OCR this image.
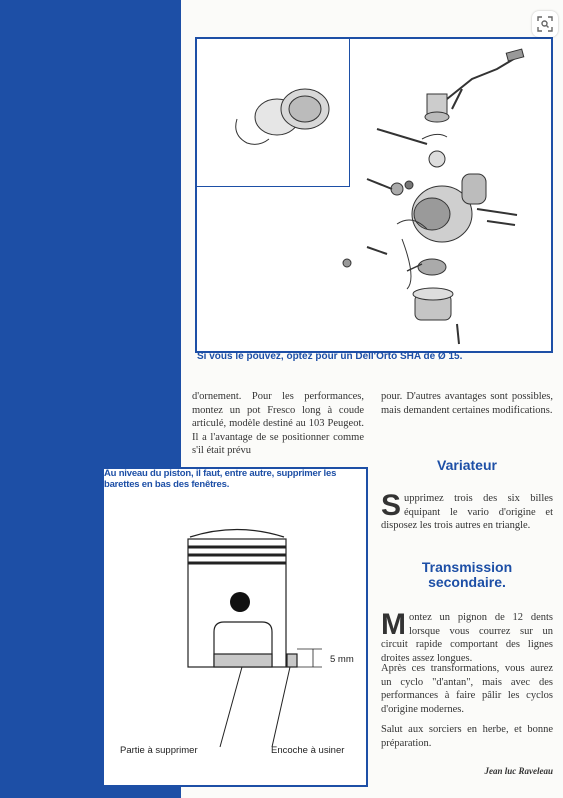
Si vous le pouvez, optez pour un Dell'Orto SHA de Ø 15.
d'ornement. Pour les performances, montez un pot Fresco long à coude articulé, modèle destiné au 103 Peugeot. Il a l'avantage de se positionner comme s'il était prévu
pour. D'autres avantages sont possibles, mais demandent certaines modifications.
Variateur
S upprimez trois des six billes équipant le vario d'origine et disposez les trois autres en triangle.
Transmission
secondaire.
M ontez un pignon de 12 dents lorsque vous courrez sur un circuit rapide comportant des lignes droites assez longues.
Après ces transformations, vous aurez un cyclo "d'antan", mais avec des performances à faire pâlir les cyclos d'origine modernes.
Salut aux sorciers en herbe, et bonne préparation.
Jean luc Raveleau
Au niveau du piston, il faut, entre autre, supprimer les barettes en bas des fenêtres.
5 mm
Partie à supprimer	Encoche à usiner
